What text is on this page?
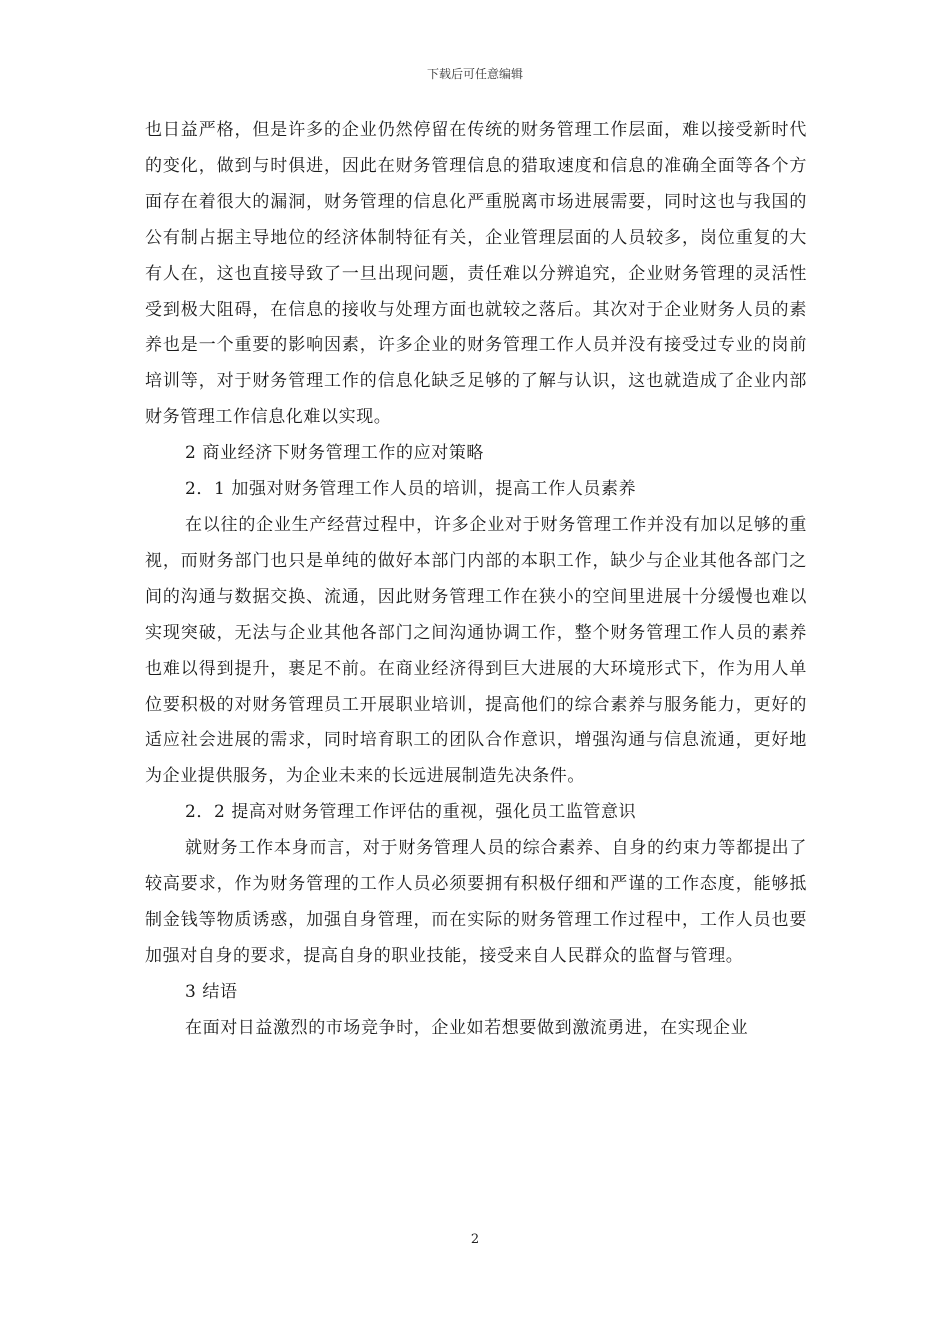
下载后可任意编辑

也日益严格，但是许多的企业仍然停留在传统的财务管理工作层面，难以接受新时代的变化，做到与时俱进，因此在财务管理信息的猎取速度和信息的准确全面等各个方面存在着很大的漏洞，财务管理的信息化严重脱离市场进展需要，同时这也与我国的公有制占据主导地位的经济体制特征有关，企业管理层面的人员较多，岗位重复的大有人在，这也直接导致了一旦出现问题，责任难以分辨追究，企业财务管理的灵活性受到极大阻碍，在信息的接收与处理方面也就较之落后。其次对于企业财务人员的素养也是一个重要的影响因素，许多企业的财务管理工作人员并没有接受过专业的岗前培训等，对于财务管理工作的信息化缺乏足够的了解与认识，这也就造成了企业内部财务管理工作信息化难以实现。

2 商业经济下财务管理工作的应对策略

2．1 加强对财务管理工作人员的培训，提高工作人员素养

在以往的企业生产经营过程中，许多企业对于财务管理工作并没有加以足够的重视，而财务部门也只是单纯的做好本部门内部的本职工作，缺少与企业其他各部门之间的沟通与数据交换、流通，因此财务管理工作在狭小的空间里进展十分缓慢也难以实现突破，无法与企业其他各部门之间沟通协调工作，整个财务管理工作人员的素养也难以得到提升，裹足不前。在商业经济得到巨大进展的大环境形式下，作为用人单位要积极的对财务管理员工开展职业培训，提高他们的综合素养与服务能力，更好的适应社会进展的需求，同时培育职工的团队合作意识，增强沟通与信息流通，更好地为企业提供服务，为企业未来的长远进展制造先决条件。

2．2 提高对财务管理工作评估的重视，强化员工监管意识

就财务工作本身而言，对于财务管理人员的综合素养、自身的约束力等都提出了较高要求，作为财务管理的工作人员必须要拥有积极仔细和严谨的工作态度，能够抵制金钱等物质诱惑，加强自身管理，而在实际的财务管理工作过程中，工作人员也要加强对自身的要求，提高自身的职业技能，接受来自人民群众的监督与管理。

3 结语

在面对日益激烈的市场竞争时，企业如若想要做到激流勇进，在实现企业

2
